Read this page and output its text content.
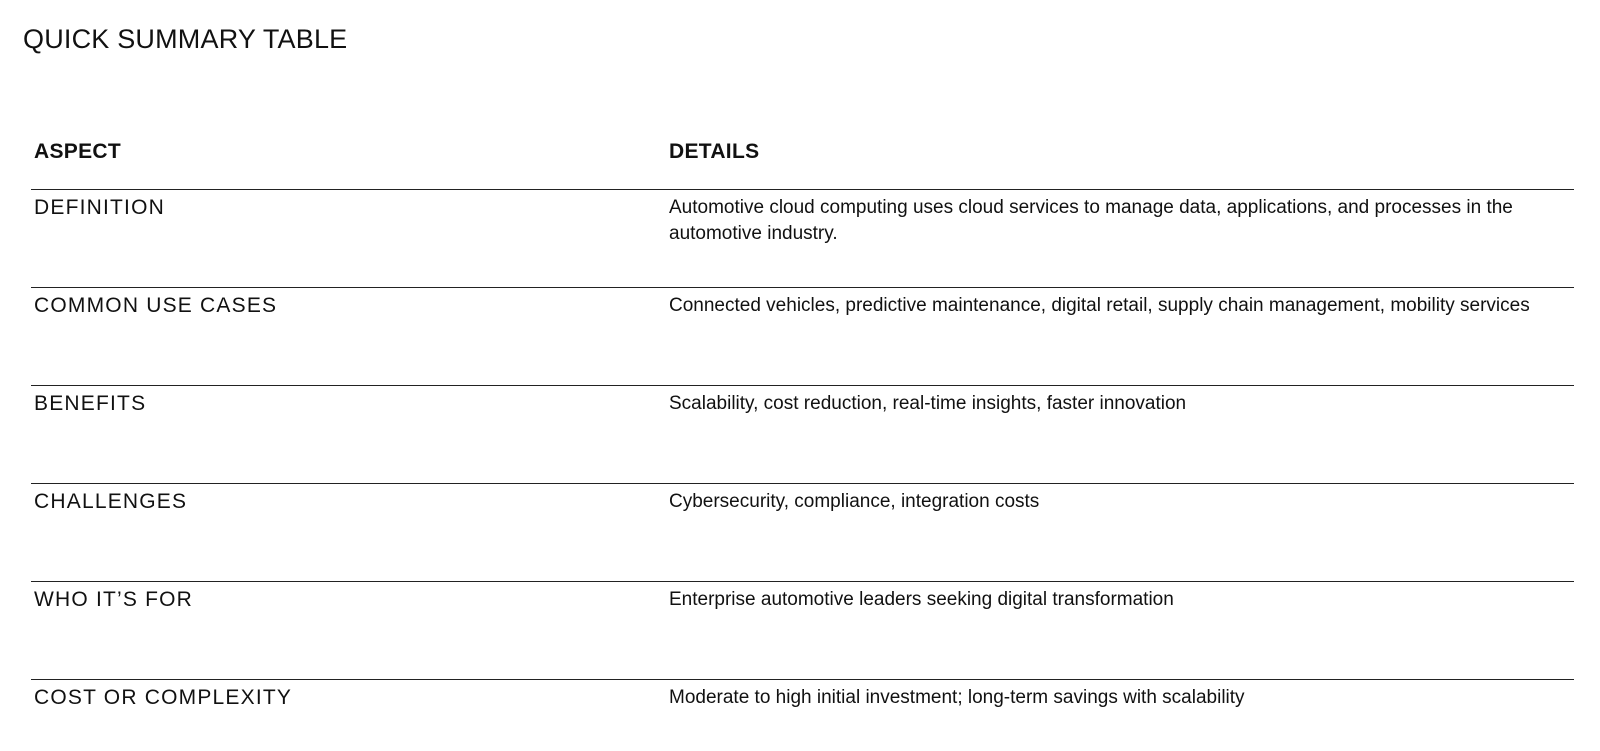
QUICK SUMMARY TABLE
ASPECT	DETAILS
DEFINITION	Automotive cloud computing uses cloud services to manage data, applications, and processes in the automotive industry.
COMMON USE CASES	Connected vehicles, predictive maintenance, digital retail, supply chain management, mobility services
BENEFITS	Scalability, cost reduction, real-time insights, faster innovation
CHALLENGES	Cybersecurity, compliance, integration costs
WHO IT’S FOR	Enterprise automotive leaders seeking digital transformation
COST OR COMPLEXITY	Moderate to high initial investment; long-term savings with scalability
